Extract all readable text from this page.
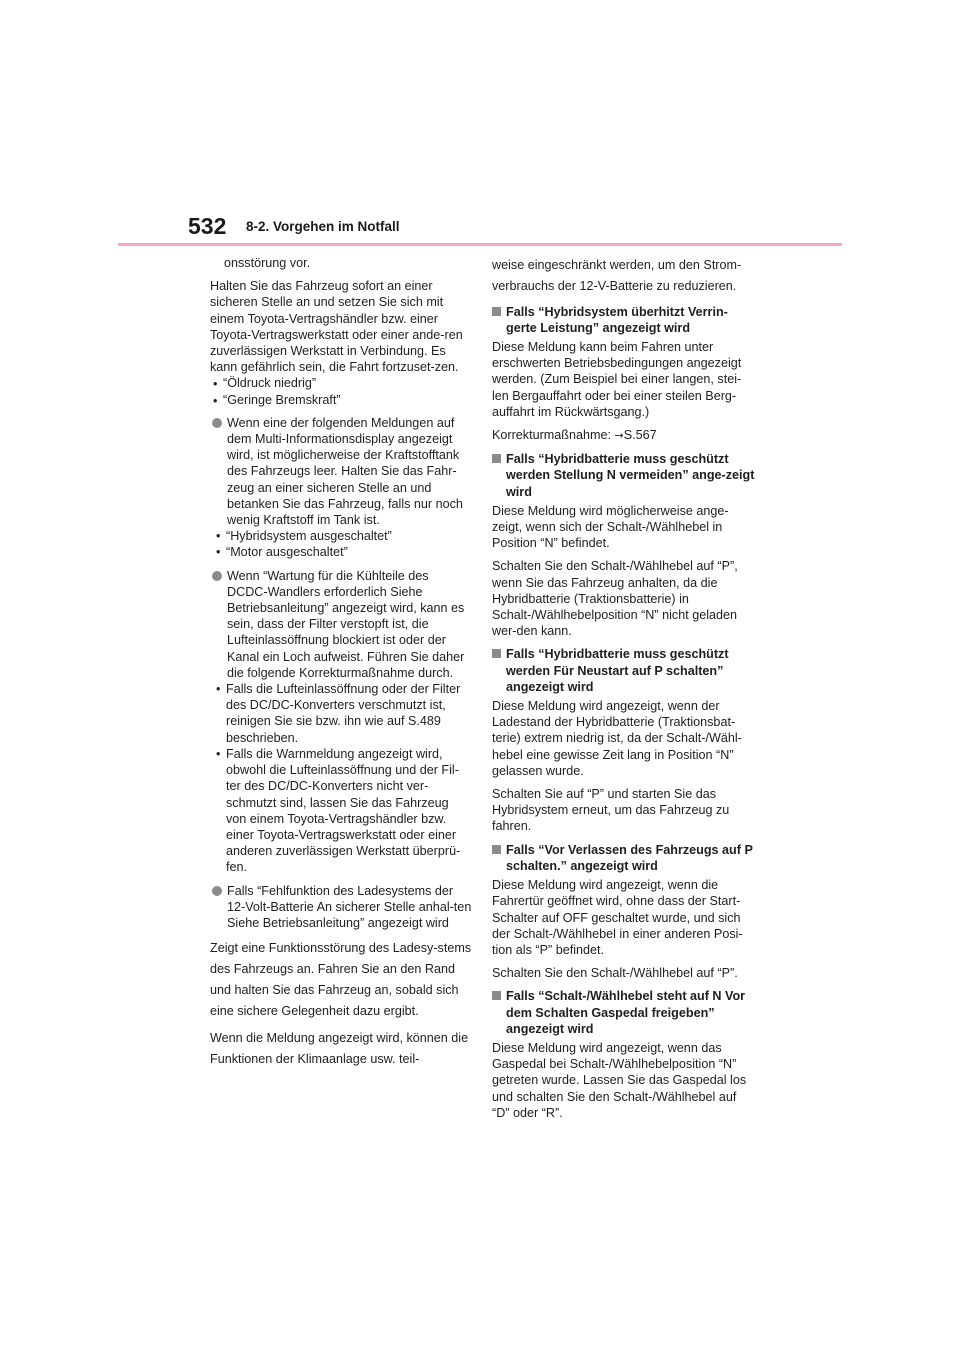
532 8-2. Vorgehen im Notfall

onsstörung vor.

Halten Sie das Fahrzeug sofort an einer sicheren Stelle an und setzen Sie sich mit einem Toyota-Vertragshändler bzw. einer Toyota-Vertragswerkstatt oder einer ande-ren zuverlässigen Werkstatt in Verbindung. Es kann gefährlich sein, die Fahrt fortzuset-zen.

• “Öldruck niedrig”

• “Geringe Bremskraft”

Wenn eine der folgenden Meldungen auf dem Multi-Informationsdisplay angezeigt wird, ist möglicherweise der Kraftstofftank des Fahrzeugs leer. Halten Sie das Fahr-zeug an einer sicheren Stelle an und betanken Sie das Fahrzeug, falls nur noch wenig Kraftstoff im Tank ist.
• “Hybridsystem ausgeschaltet”
• “Motor ausgeschaltet”
Wenn “Wartung für die Kühlteile des DCDC-Wandlers erforderlich Siehe Betriebsanleitung” angezeigt wird, kann es sein, dass der Filter verstopft ist, die Lufteinlassöffnung blockiert ist oder der Kanal ein Loch aufweist. Führen Sie daher die folgende Korrekturmaßnahme durch.
• Falls die Lufteinlassöffnung oder der Filter des DC/DC-Konverters verschmutzt ist, reinigen Sie sie bzw. ihn wie auf S.489 beschrieben.
• Falls die Warnmeldung angezeigt wird, obwohl die Lufteinlassöffnung und der Fil-ter des DC/DC-Konverters nicht ver-schmutzt sind, lassen Sie das Fahrzeug von einem Toyota-Vertragshändler bzw. einer Toyota-Vertragswerkstatt oder einer anderen zuverlässigen Werkstatt überprü-fen.
Falls “Fehlfunktion des Ladesystems der 12-Volt-Batterie An sicherer Stelle anhal-ten Siehe Betriebsanleitung” angezeigt wird

Zeigt eine Funktionsstörung des Ladesy-stems des Fahrzeugs an. Fahren Sie an den Rand und halten Sie das Fahrzeug an, sobald sich eine sichere Gelegenheit dazu ergibt.

Wenn die Meldung angezeigt wird, können die Funktionen der Klimaanlage usw. teil-

weise eingeschränkt werden, um den Strom-verbrauchs der 12-V-Batterie zu reduzieren.

Falls “Hybridsystem überhitzt Verrin-gerte Leistung” angezeigt wird

Diese Meldung kann beim Fahren unter erschwerten Betriebsbedingungen angezeigt werden. (Zum Beispiel bei einer langen, stei-len Bergauffahrt oder bei einer steilen Berg-auffahrt im Rückwärtsgang.)

Korrekturmaßnahme: →S.567

Falls “Hybridbatterie muss geschützt werden Stellung N vermeiden” ange-zeigt wird

Diese Meldung wird möglicherweise ange-zeigt, wenn sich der Schalt-/Wählhebel in Position “N” befindet.

Schalten Sie den Schalt-/Wählhebel auf “P”, wenn Sie das Fahrzeug anhalten, da die Hybridbatterie (Traktionsbatterie) in Schalt-/Wählhebelposition “N” nicht geladen wer-den kann.

Falls “Hybridbatterie muss geschützt werden Für Neustart auf P schalten” angezeigt wird

Diese Meldung wird angezeigt, wenn der Ladestand der Hybridbatterie (Traktionsbat-terie) extrem niedrig ist, da der Schalt-/Wähl-hebel eine gewisse Zeit lang in Position “N” gelassen wurde.

Schalten Sie auf “P” und starten Sie das Hybridsystem erneut, um das Fahrzeug zu fahren.

Falls “Vor Verlassen des Fahrzeugs auf P schalten.” angezeigt wird

Diese Meldung wird angezeigt, wenn die Fahrertür geöffnet wird, ohne dass der Start-Schalter auf OFF geschaltet wurde, und sich der Schalt-/Wählhebel in einer anderen Posi-tion als “P” befindet.

Schalten Sie den Schalt-/Wählhebel auf “P”.

Falls “Schalt-/Wählhebel steht auf N Vor dem Schalten Gaspedal freigeben” angezeigt wird

Diese Meldung wird angezeigt, wenn das Gaspedal bei Schalt-/Wählhebelposition “N” getreten wurde. Lassen Sie das Gaspedal los und schalten Sie den Schalt-/Wählhebel auf “D” oder “R”.
